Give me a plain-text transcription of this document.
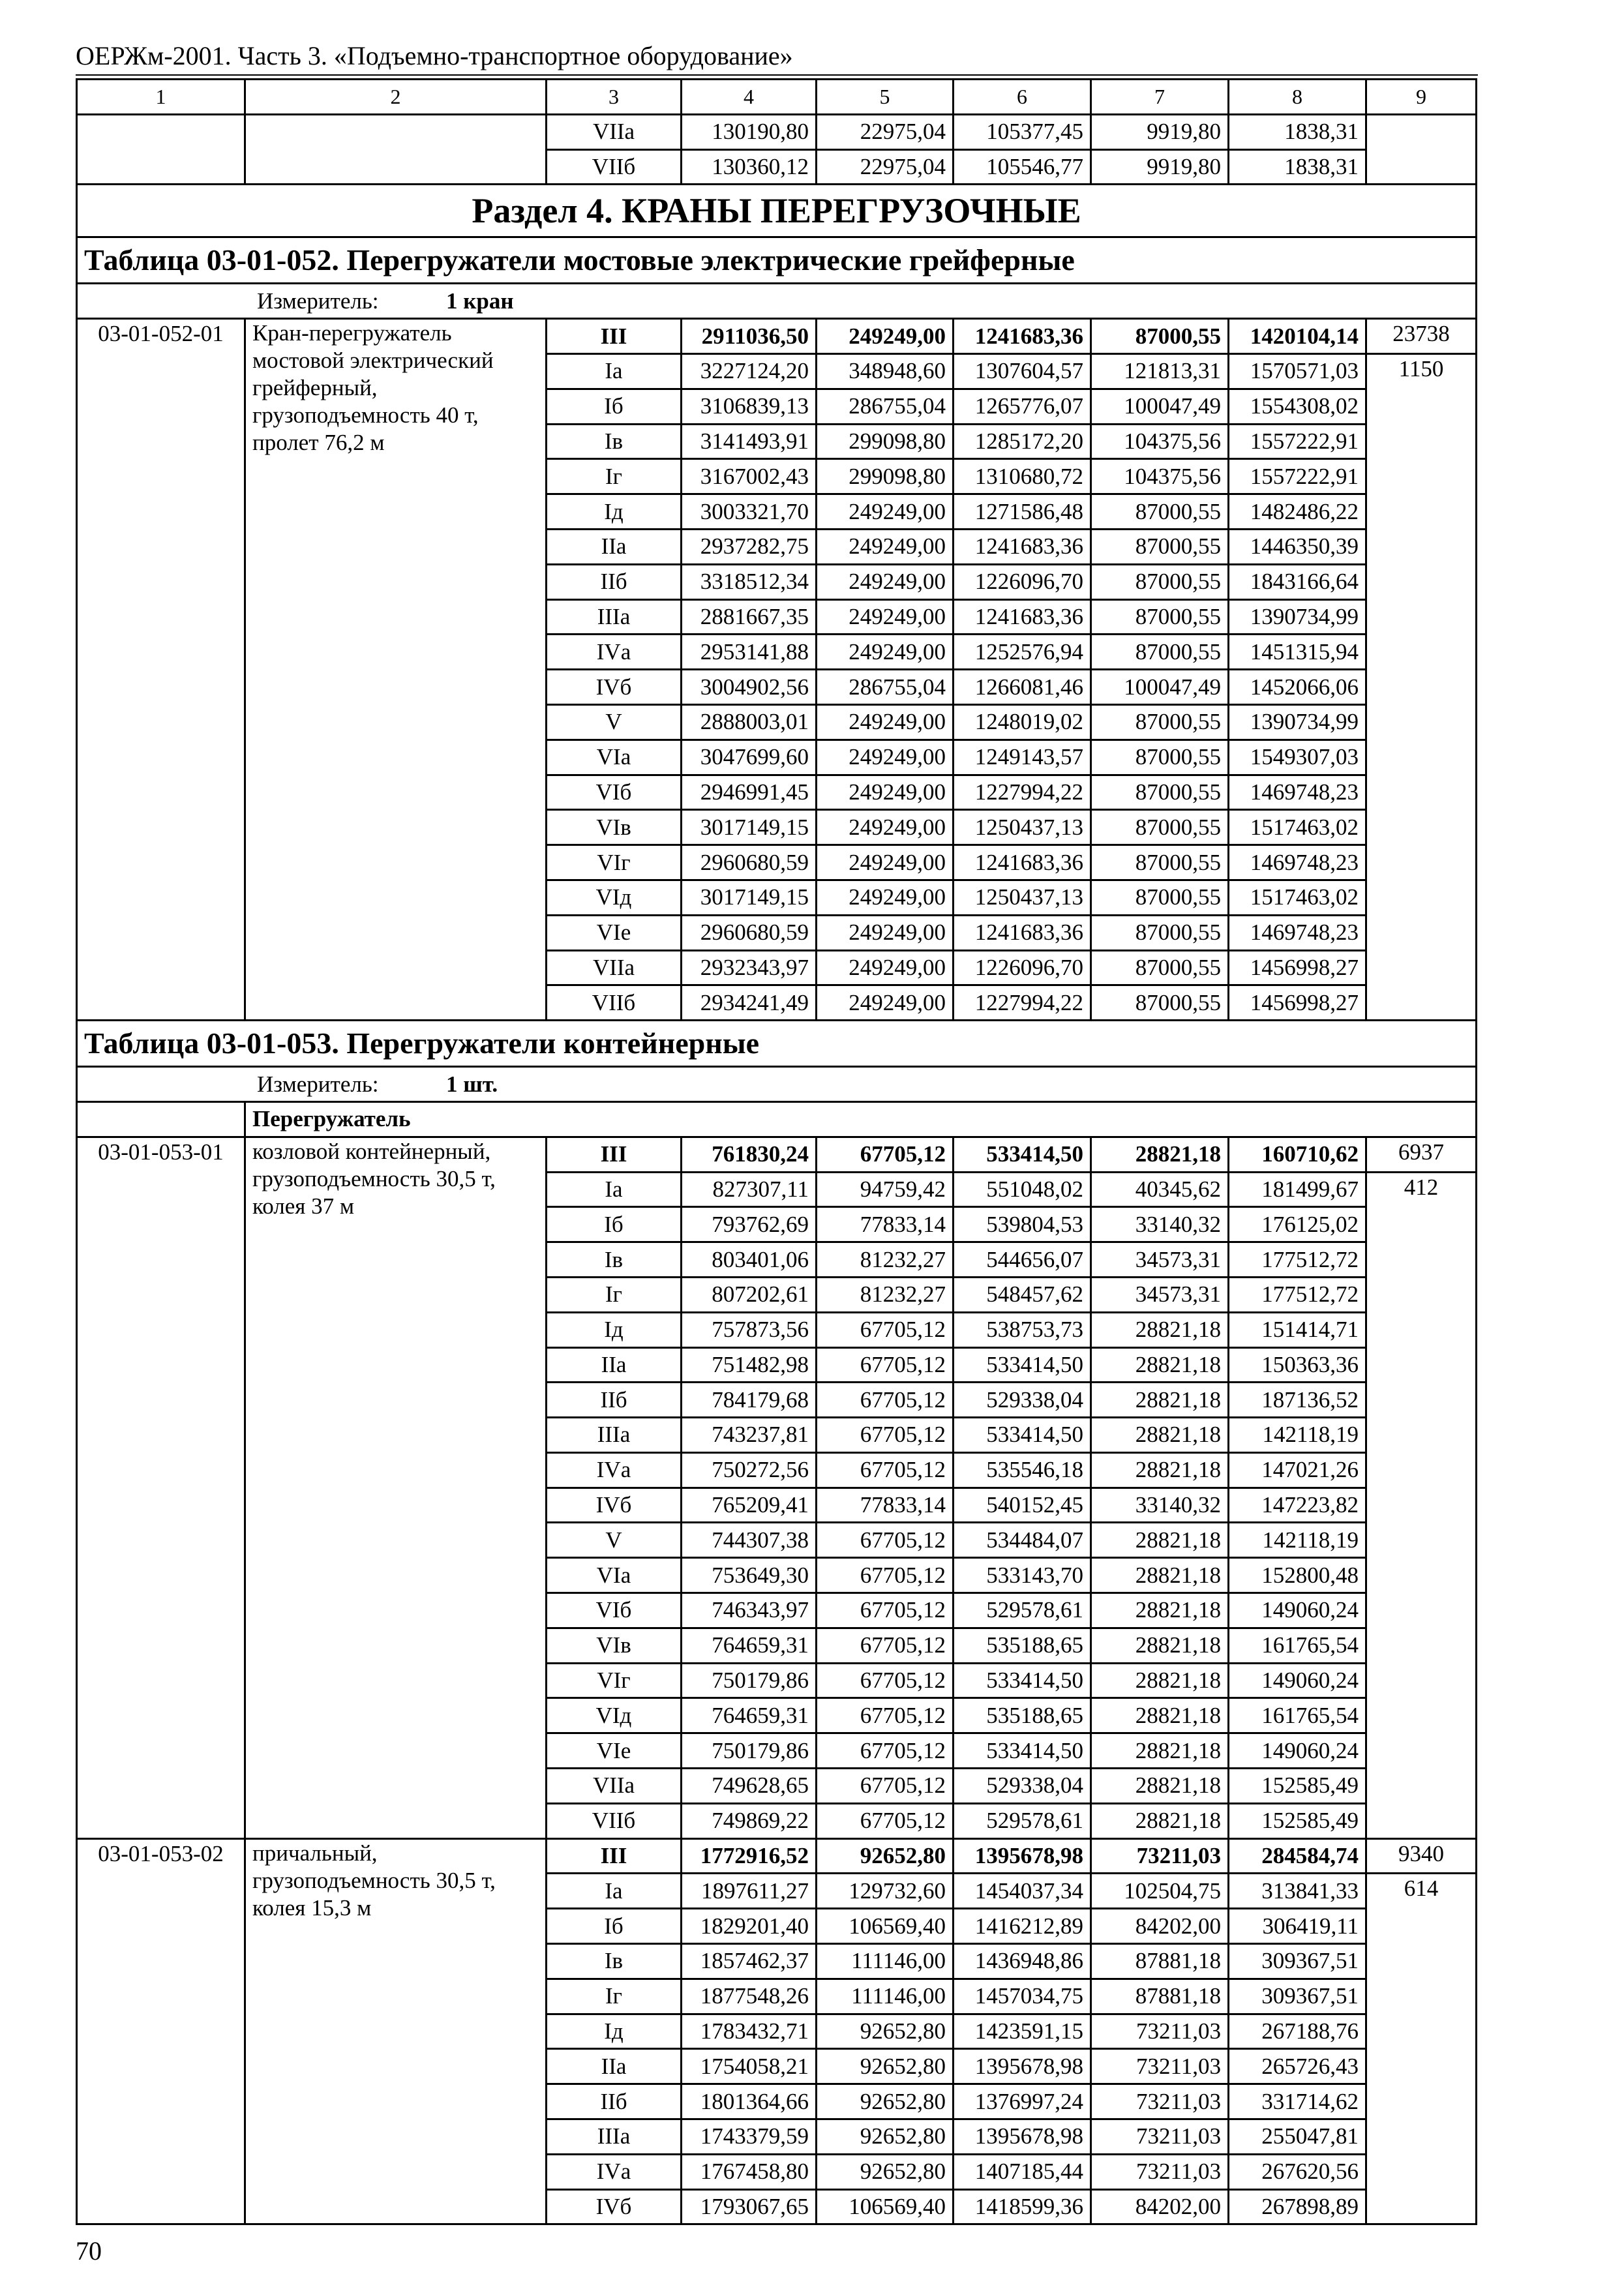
ОЕРЖм-2001. Часть 3. «Подъемно-транспортное оборудование»
1	2	3	4	5	6	7	8	9
		VIIа	130190,80	22975,04	105377,45	9919,80	1838,31	
		VIIб	130360,12	22975,04	105546,77	9919,80	1838,31	
Раздел 4. КРАНЫ ПЕРЕГРУЗОЧНЫЕ								
Таблица 03-01-052. Перегружатели мостовые электрические грейферные								
Измеритель: 1 кран								
03-01-052-01	Кран-перегружатель мостовой электрический грейферный, грузоподъемность 40 т, пролет 76,2 м	III	2911036,50	249249,00	1241683,36	87000,55	1420104,14	23738
		Iа	3227124,20	348948,60	1307604,57	121813,31	1570571,03	1150
		Iб	3106839,13	286755,04	1265776,07	100047,49	1554308,02	
		Iв	3141493,91	299098,80	1285172,20	104375,56	1557222,91	
		Iг	3167002,43	299098,80	1310680,72	104375,56	1557222,91	
		Iд	3003321,70	249249,00	1271586,48	87000,55	1482486,22	
		IIа	2937282,75	249249,00	1241683,36	87000,55	1446350,39	
		IIб	3318512,34	249249,00	1226096,70	87000,55	1843166,64	
		IIIа	2881667,35	249249,00	1241683,36	87000,55	1390734,99	
		IVа	2953141,88	249249,00	1252576,94	87000,55	1451315,94	
		IVб	3004902,56	286755,04	1266081,46	100047,49	1452066,06	
		V	2888003,01	249249,00	1248019,02	87000,55	1390734,99	
		VIа	3047699,60	249249,00	1249143,57	87000,55	1549307,03	
		VIб	2946991,45	249249,00	1227994,22	87000,55	1469748,23	
		VIв	3017149,15	249249,00	1250437,13	87000,55	1517463,02	
		VIг	2960680,59	249249,00	1241683,36	87000,55	1469748,23	
		VIд	3017149,15	249249,00	1250437,13	87000,55	1517463,02	
		VIе	2960680,59	249249,00	1241683,36	87000,55	1469748,23	
		VIIа	2932343,97	249249,00	1226096,70	87000,55	1456998,27	
		VIIб	2934241,49	249249,00	1227994,22	87000,55	1456998,27	
Таблица 03-01-053. Перегружатели контейнерные								
Измеритель: 1 шт.								
	Перегружатель							
03-01-053-01	козловой контейнерный, грузоподъемность 30,5 т, колея 37 м	III	761830,24	67705,12	533414,50	28821,18	160710,62	6937
		Iа	827307,11	94759,42	551048,02	40345,62	181499,67	412
		Iб	793762,69	77833,14	539804,53	33140,32	176125,02	
		Iв	803401,06	81232,27	544656,07	34573,31	177512,72	
		Iг	807202,61	81232,27	548457,62	34573,31	177512,72	
		Iд	757873,56	67705,12	538753,73	28821,18	151414,71	
		IIа	751482,98	67705,12	533414,50	28821,18	150363,36	
		IIб	784179,68	67705,12	529338,04	28821,18	187136,52	
		IIIа	743237,81	67705,12	533414,50	28821,18	142118,19	
		IVа	750272,56	67705,12	535546,18	28821,18	147021,26	
		IVб	765209,41	77833,14	540152,45	33140,32	147223,82	
		V	744307,38	67705,12	534484,07	28821,18	142118,19	
		VIа	753649,30	67705,12	533143,70	28821,18	152800,48	
		VIб	746343,97	67705,12	529578,61	28821,18	149060,24	
		VIв	764659,31	67705,12	535188,65	28821,18	161765,54	
		VIг	750179,86	67705,12	533414,50	28821,18	149060,24	
		VIд	764659,31	67705,12	535188,65	28821,18	161765,54	
		VIе	750179,86	67705,12	533414,50	28821,18	149060,24	
		VIIа	749628,65	67705,12	529338,04	28821,18	152585,49	
		VIIб	749869,22	67705,12	529578,61	28821,18	152585,49	
03-01-053-02	причальный, грузоподъемность 30,5 т, колея 15,3 м	III	1772916,52	92652,80	1395678,98	73211,03	284584,74	9340
		Iа	1897611,27	129732,60	1454037,34	102504,75	313841,33	614
		Iб	1829201,40	106569,40	1416212,89	84202,00	306419,11	
		Iв	1857462,37	111146,00	1436948,86	87881,18	309367,51	
		Iг	1877548,26	111146,00	1457034,75	87881,18	309367,51	
		Iд	1783432,71	92652,80	1423591,15	73211,03	267188,76	
		IIа	1754058,21	92652,80	1395678,98	73211,03	265726,43	
		IIб	1801364,66	92652,80	1376997,24	73211,03	331714,62	
		IIIа	1743379,59	92652,80	1395678,98	73211,03	255047,81	
		IVа	1767458,80	92652,80	1407185,44	73211,03	267620,56	
		IVб	1793067,65	106569,40	1418599,36	84202,00	267898,89	
70
